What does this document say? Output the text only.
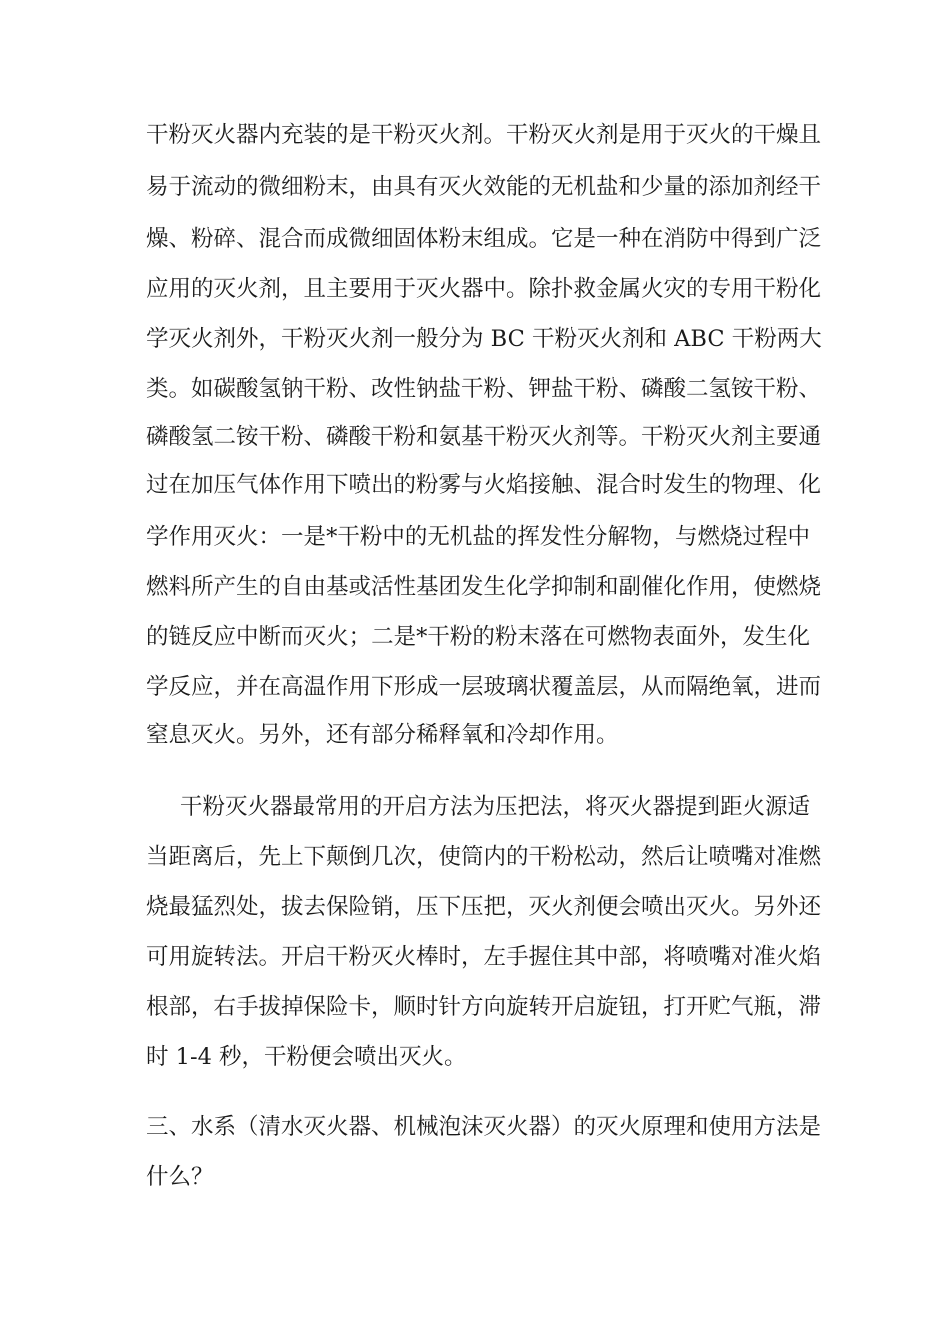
干粉灭火器内充装的是干粉灭火剂。干粉灭火剂是用于灭火的干燥且
易于流动的微细粉末，由具有灭火效能的无机盐和少量的添加剂经干
燥、粉碎、混合而成微细固体粉末组成。它是一种在消防中得到广泛
应用的灭火剂，且主要用于灭火器中。除扑救金属火灾的专用干粉化
学灭火剂外，干粉灭火剂一般分为 BC 干粉灭火剂和 ABC 干粉两大
类。如碳酸氢钠干粉、改性钠盐干粉、钾盐干粉、磷酸二氢铵干粉、
磷酸氢二铵干粉、磷酸干粉和氨基干粉灭火剂等。干粉灭火剂主要通
过在加压气体作用下喷出的粉雾与火焰接触、混合时发生的物理、化
学作用灭火：一是*干粉中的无机盐的挥发性分解物，与燃烧过程中
燃料所产生的自由基或活性基团发生化学抑制和副催化作用，使燃烧
的链反应中断而灭火；二是*干粉的粉末落在可燃物表面外，发生化
学反应，并在高温作用下形成一层玻璃状覆盖层，从而隔绝氧，进而
窒息灭火。另外，还有部分稀释氧和冷却作用。
干粉灭火器最常用的开启方法为压把法，将灭火器提到距火源适
当距离后，先上下颠倒几次，使筒内的干粉松动，然后让喷嘴对准燃
烧最猛烈处，拔去保险销，压下压把，灭火剂便会喷出灭火。另外还
可用旋转法。开启干粉灭火棒时，左手握住其中部，将喷嘴对准火焰
根部，右手拔掉保险卡，顺时针方向旋转开启旋钮，打开贮气瓶，滞
时 1-4 秒，干粉便会喷出灭火。
三、水系（清水灭火器、机械泡沫灭火器）的灭火原理和使用方法是
什么？
